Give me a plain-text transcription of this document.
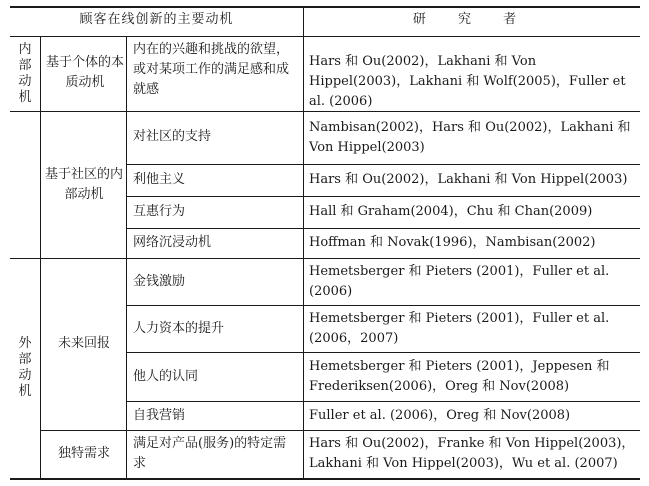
顾客在线创新的主要动机	研 究 者
内部动机
外部动机
基于个体的本质动机
基于社区的内部动机
未来回报
独特需求
内在的兴趣和挑战的欲望，或对某项工作的满足感和成就感
对社区的支持
利他主义
互惠行为
网络沉浸动机
金钱激励
人力资本的提升
他人的认同
自我营销
满足对产品(服务)的特定需求
Hars 和 Ou(2002)，Lakhani 和 Von Hippel(2003)，Lakhani 和 Wolf(2005)，Fuller et al. (2006)
Nambisan(2002)，Hars 和 Ou(2002)，Lakhani 和 Von Hippel(2003)
Hars 和 Ou(2002)，Lakhani 和 Von Hippel(2003)
Hall 和 Graham(2004)，Chu 和 Chan(2009)
Hoffman 和 Novak(1996)，Nambisan(2002)
Hemetsberger 和 Pieters (2001)，Fuller et al. (2006)
Hemetsberger 和 Pieters (2001)，Fuller et al. (2006，2007)
Hemetsberger 和 Pieters (2001)，Jeppesen 和 Frederiksen(2006)，Oreg 和 Nov(2008)
Fuller et al. (2006)，Oreg 和 Nov(2008)
Hars 和 Ou(2002)，Franke 和 Von Hippel(2003)，Lakhani 和 Von Hippel(2003)，Wu et al. (2007)
